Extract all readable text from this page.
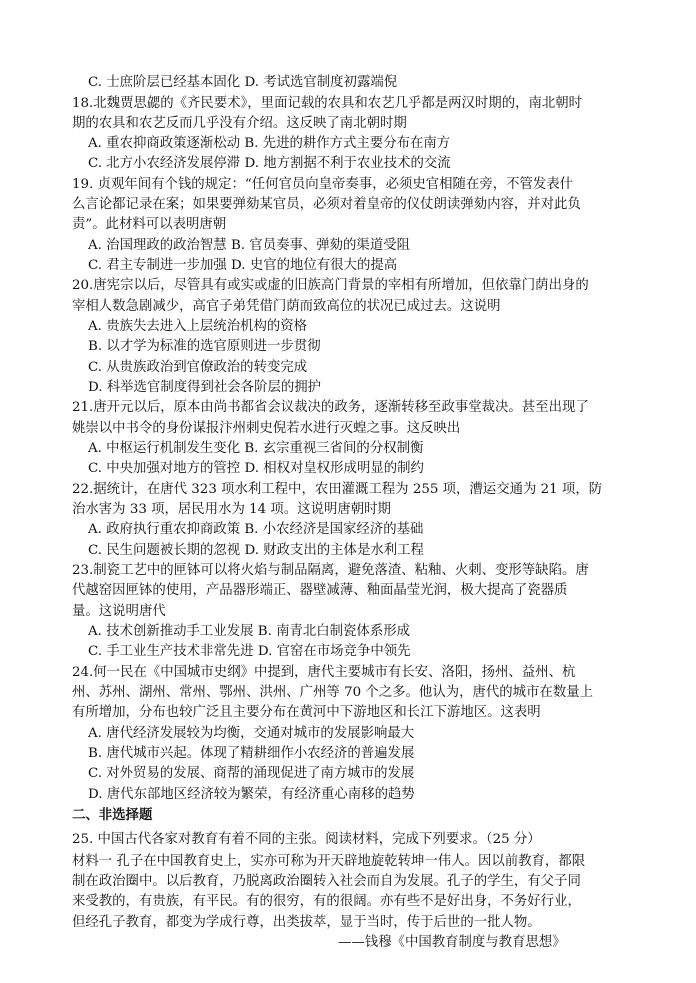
C. 士庶阶层已经基本固化 D. 考试选官制度初露端倪
18.北魏贾思勰的《齐民要术》，里面记载的农具和农艺几乎都是两汉时期的，南北朝时
期的农具和农艺反而几乎没有介绍。这反映了南北朝时期
A. 重农抑商政策逐渐松动 B. 先进的耕作方式主要分布在南方
C. 北方小农经济发展停滞 D. 地方割据不利于农业技术的交流
19. 贞观年间有个钱的规定：“任何官员向皇帝奏事，必须史官相随在旁，不管发表什
么言论都记录在案；如果要弹劾某官员，必须对着皇帝的仪仗朗读弹劾内容，并对此负
责”。此材料可以表明唐朝
A. 治国理政的政治智慧 B. 官员奏事、弹劾的渠道受阻
C. 君主专制进一步加强 D. 史官的地位有很大的提高
20.唐宪宗以后，尽管具有或实或虚的旧族高门背景的宰相有所增加，但依靠门荫出身的
宰相人数急剧减少，高官子弟凭借门荫而致高位的状况已成过去。这说明
A. 贵族失去进入上层统治机构的资格
B. 以才学为标准的选官原则进一步贯彻
C. 从贵族政治到官僚政治的转变完成
D. 科举选官制度得到社会各阶层的拥护
21.唐开元以后，原本由尚书都省会议裁决的政务，逐渐转移至政事堂裁决。甚至出现了
姚崇以中书令的身份谋报汴州刺史倪若水进行灭蝗之事。这反映出
A. 中枢运行机制发生变化 B. 玄宗重视三省间的分权制衡
C. 中央加强对地方的管控 D. 相权对皇权形成明显的制约
22.据统计，在唐代 323 项水利工程中，农田灌溉工程为 255 项，漕运交通为 21 项，防
治水害为 33 项，居民用水为 14 项。这说明唐朝时期
A. 政府执行重农抑商政策 B. 小农经济是国家经济的基础
C. 民生问题被长期的忽视 D. 财政支出的主体是水利工程
23.制瓷工艺中的匣钵可以将火焰与制品隔离，避免落渣、粘釉、火刺、变形等缺陷。唐
代越窑因匣钵的使用，产品器形端正、器壁减薄、釉面晶莹光润，极大提高了瓷器质
量。这说明唐代
A. 技术创新推动手工业发展 B. 南青北白制瓷体系形成
C. 手工业生产技术非常先进 D. 官窑在市场竞争中领先
24.何一民在《中国城市史纲》中提到，唐代主要城市有长安、洛阳，扬州、益州、杭
州、苏州、湖州、常州、鄂州、洪州、广州等 70 个之多。他认为，唐代的城市在数量上
有所增加，分布也较广泛且主要分布在黄河中下游地区和长江下游地区。这表明
A. 唐代经济发展较为均衡，交通对城市的发展影响最大
B. 唐代城市兴起。体现了精耕细作小农经济的普遍发展
C. 对外贸易的发展、商帮的涌现促进了南方城市的发展
D. 唐代东部地区经济较为繁荣，有经济重心南移的趋势
二、非选择题
25. 中国古代各家对教育有着不同的主张。阅读材料，完成下列要求。（25 分）
材料一 孔子在中国教育史上，实亦可称为开天辟地旋乾转坤一伟人。因以前教育，都限
制在政治圈中。以后教育，乃脱离政治圈转入社会而自为发展。孔子的学生，有父子同
来受教的，有贵族，有平民。有的很穷，有的很阔。亦有些不是好出身，不务好行业，
但经孔子教育，都变为学成行尊，出类拔萃，显于当时，传于后世的一批人物。
——钱穆《中国教育制度与教育思想》
